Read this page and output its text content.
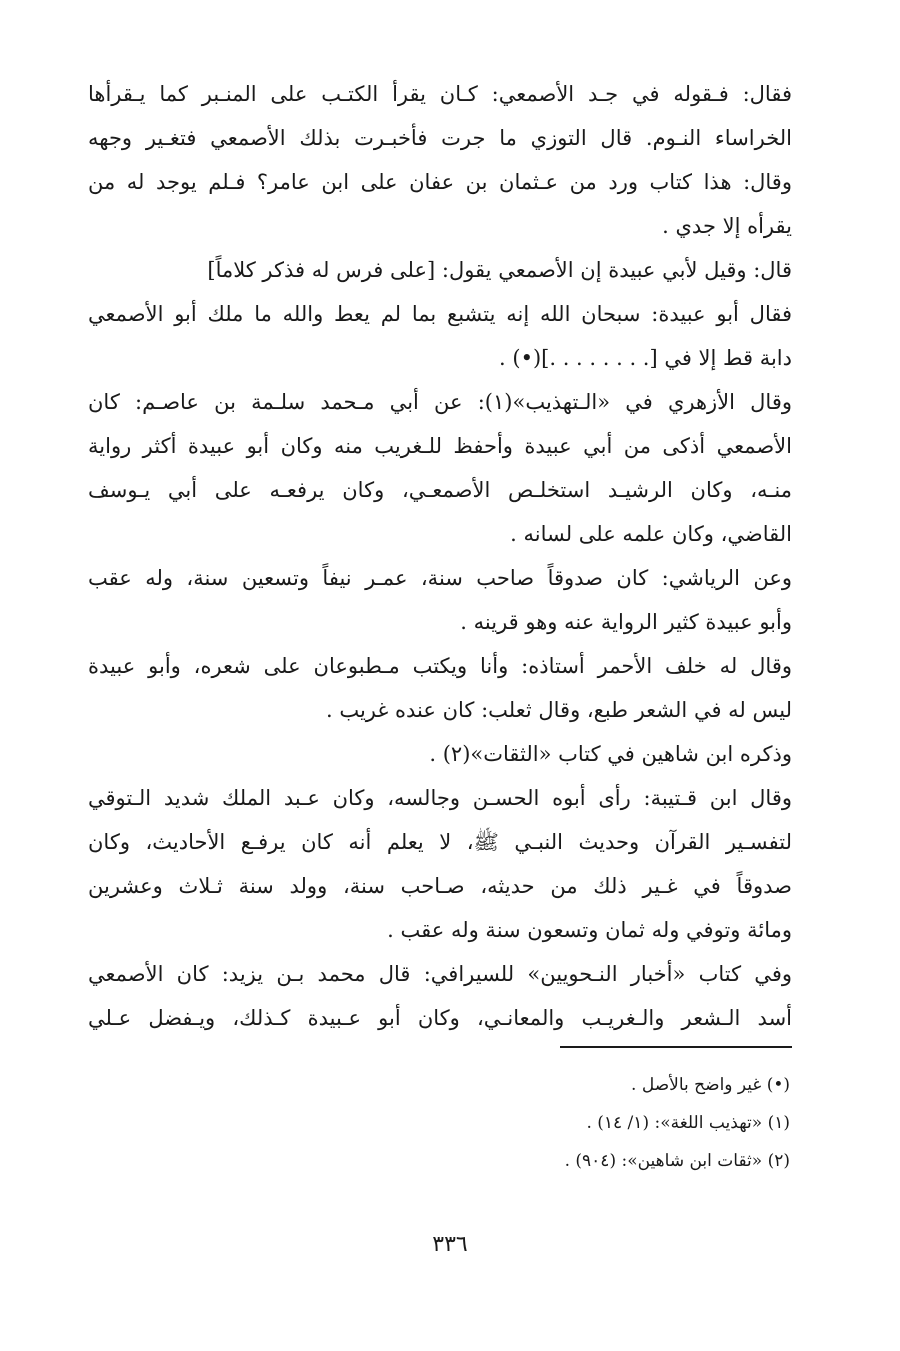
فقال: فـقوله في جـد الأصمعي: كـان يقرأ الكتـب على المنـبر كما يـقرأها
الخراساء النـوم. قال التوزي ما جرت فأخبـرت بذلك الأصمعي فتغـير وجهه
وقال: هذا كتاب ورد من عـثمان بن عفان على ابن عامر؟ فـلم يوجد له من
يقرأه إلا جدي .
قال: وقيل لأبي عبيدة إن الأصمعي يقول: [على فرس له فذكر كلاماً]
فقال أبو عبيدة: سبحان الله إنه يتشبع بما لم يعط والله ما ملك أبو الأصمعي
دابة قط إلا في [. . . . . . . .](•) .
وقال الأزهري في «الـتهذيب»(١): عن أبي مـحمد سلـمة بن عاصـم: كان
الأصمعي أذكى من أبي عبيدة وأحفظ للـغريب منه وكان أبو عبيدة أكثر رواية
منـه، وكان الرشيـد استخلـص الأصمعـي، وكان يرفعـه على أبي يـوسف
القاضي، وكان علمه على لسانه .
وعن الرياشي: كان صدوقاً صاحب سنة، عمـر نيفاً وتسعين سنة، وله عقب
وأبو عبيدة كثير الرواية عنه وهو قرينه .
وقال له خلف الأحمر أستاذه: وأنا ويكتب مـطبوعان على شعره، وأبو عبيدة
ليس له في الشعر طبع، وقال ثعلب: كان عنده غريب .
وذكره ابن شاهين في كتاب «الثقات»(٢) .
وقال ابن قـتيبة: رأى أبوه الحسـن وجالسه، وكان عـبد الملك شديد الـتوقي
لتفسـير القرآن وحديث النبـي ﷺ، لا يعلم أنه كان يرفـع الأحاديث، وكان
صدوقاً في غـير ذلك من حديثه، صـاحب سنة، وولد سنة ثـلاث وعشرين
ومائة وتوفي وله ثمان وتسعون سنة وله عقب .
وفي كتاب «أخبار النـحويين» للسيرافي: قال محمد بـن يزيد: كان الأصمعي
أسد الـشعر والـغريـب والمعانـي، وكان أبو عـبيدة كـذلك، ويـفضل عـلي
(•) غير واضح بالأصل .
(١) «تهذيب اللغة»: (١/ ١٤) .
(٢) «ثقات ابن شاهين»: (٩٠٤) .
٣٣٦
